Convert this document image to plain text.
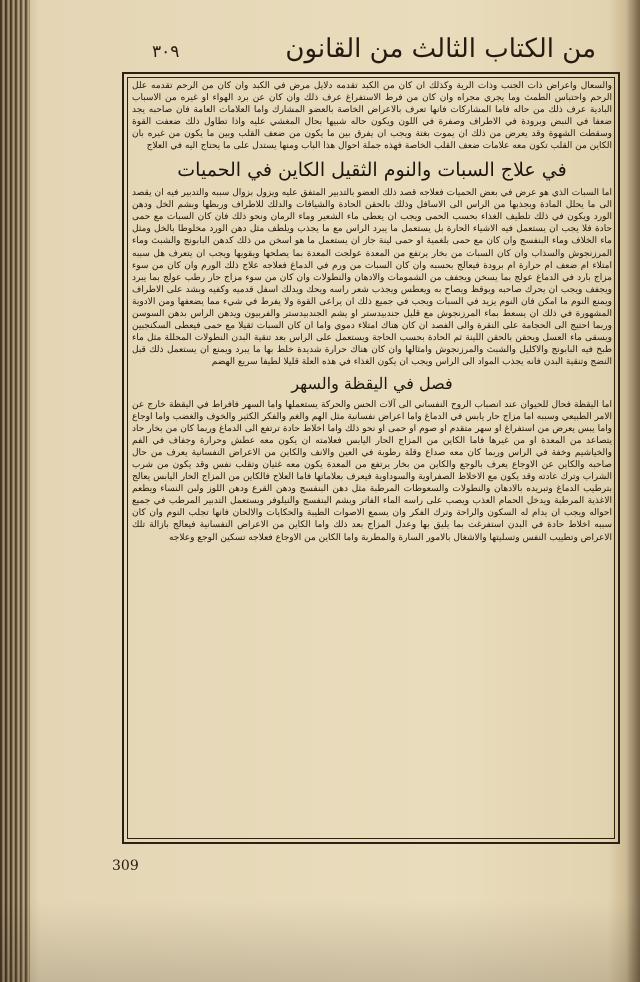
٣٠٩	من الكتاب الثالث من القانون

والسعال واعراض ذات الجنب وذات الرية وكذلك ان كان من الكبد تقدمه دلايل مرض في الكبد وان كان من الرحم تقدمه علل الرحم واحتباس الطمث وما يجري مجراه وان كان من فرط الاستفراغ عرف ذلك وان كان عن برد الهواء او غيره من الاسباب البادية عرف ذلك من حاله فاما المشاركات فانها تعرف بالاعراض الخاصة بالعضو المشارك واما العلامات العامة فان صاحبه يجد ضعفا في النبض وبرودة في الاطراف وصفرة في اللون ويكون حاله شبيها بحال المغشي عليه واذا تطاول ذلك ضعفت القوة وسقطت الشهوة وقد يعرض من ذلك ان يموت بغتة ويجب ان يفرق بين ما يكون من ضعف القلب وبين ما يكون من غيره بان الكاين من القلب تكون معه علامات ضعف القلب الخاصة فهذه جملة احوال هذا الباب ومنها يستدل على ما يحتاج اليه في العلاج

في علاج السبات والنوم الثقيل الكاين في الحميات

اما السبات الذي هو عرض في بعض الحميات فعلاجه قصد ذلك العضو بالتدبير المتفق عليه ويزول بزوال سببه والتدبير فيه ان يقصد الى ما يحلل المادة ويجذبها من الراس الى الاسافل وذلك بالحقن الحادة والشيافات والدلك للاطراف وربطها وبشم الخل ودهن الورد ويكون في ذلك تلطيف الغذاء بحسب الحمى ويجب ان يعطى ماء الشعير وماء الرمان ونحو ذلك فان كان السبات مع حمى حادة فلا يجب ان يستعمل فيه الاشياء الحارة بل يستعمل ما يبرد الراس مع ما يجذب ويلطف مثل دهن الورد مخلوطا بالخل ومثل ماء الخلاف وماء البنفسج وان كان مع حمى بلغمية او حمى لينة جاز ان يستعمل ما هو اسخن من ذلك كدهن البابونج والشبث وماء المرزنجوش والسذاب وان كان السبات من بخار يرتفع من المعدة عولجت المعدة بما يصلحها ويقويها ويجب ان يتعرف هل سببه امتلاء ام ضعف ام حرارة ام برودة فيعالج بحسبه وان كان السبات من ورم في الدماغ فعلاجه علاج ذلك الورم وان كان من سوء مزاج بارد في الدماغ عولج بما يسخن ويجفف من الشمومات والادهان والنطولات وان كان من سوء مزاج حار رطب عولج بما يبرد ويجفف ويجب ان يحرك صاحبه ويوقظ ويصاح به ويعطس ويجذب شعر راسه ويحك ويدلك اسفل قدميه وكفيه ويشد على الاطراف ويمنع النوم ما امكن فان النوم يزيد في السبات ويجب في جميع ذلك ان يراعى القوة ولا يفرط في شيء مما يضعفها ومن الادوية المشهورة في ذلك ان يسعط بماء المرزنجوش مع قليل جندبيدستر او يشم الجندبيدستر والفربيون ويدهن الراس بدهن السوسن وربما احتيج الى الحجامة على النقرة والى الفصد ان كان هناك امتلاء دموي واما ان كان السبات ثقيلا مع حمى فيعطى السكنجبين ويسقى ماء العسل ويحقن بالحقن اللينة ثم الحادة بحسب الحاجة ويستعمل على الراس بعد تنقية البدن النطولات المحللة مثل ماء طبخ فيه البابونج والاكليل والشبث والمرزنجوش وامثالها وان كان هناك حرارة شديدة خلط بها ما يبرد ويمنع ان يستعمل ذلك قبل النضج وتنقية البدن فانه يجذب المواد الى الراس ويجب ان يكون الغذاء في هذه العلة قليلا لطيفا سريع الهضم

فصل في اليقظة والسهر

اما اليقظة فحال للحيوان عند انصباب الروح النفساني الى آلات الحس والحركة يستعملها واما السهر فافراط في اليقظة خارج عن الامر الطبيعي وسببه اما مزاج حار يابس في الدماغ واما اعراض نفسانية مثل الهم والغم والفكر الكثير والخوف والغضب واما اوجاع واما يبس يعرض من استفراغ او سهر متقدم او صوم او حمى او نحو ذلك واما اخلاط حادة ترتفع الى الدماغ وربما كان من بخار حاد يتصاعد من المعدة او من غيرها فاما الكاين من المزاج الحار اليابس فعلامته ان يكون معه عطش وحرارة وجفاف في الفم والخياشيم وخفة في الراس وربما كان معه صداع وقلة رطوبة في العين والانف والكاين من الاعراض النفسانية يعرف من حال صاحبه والكاين عن الاوجاع يعرف بالوجع والكاين من بخار يرتفع من المعدة يكون معه غثيان وتقلب نفس وقد يكون من شرب الشراب وترك عادته وقد يكون مع الاخلاط الصفراوية والسوداوية فيعرف بعلاماتها فاما العلاج فالكاين من المزاج الحار اليابس يعالج بترطيب الدماغ وتبريده بالادهان والنطولات والسعوطات المرطبة مثل دهن البنفسج ودهن القرع ودهن اللوز ولبن النساء ويطعم الاغذية المرطبة ويدخل الحمام العذب ويصب على راسه الماء الفاتر ويشم البنفسج والنيلوفر ويستعمل التدبير المرطب في جميع احواله ويجب ان يدام له السكون والراحة وترك الفكر وان يسمع الاصوات الطيبة والحكايات والالحان فانها تجلب النوم وان كان سببه اخلاط حادة في البدن استفرغت بما يليق بها وعدل المزاج بعد ذلك واما الكاين من الاعراض النفسانية فيعالج بازالة تلك الاعراض وتطييب النفس وتسليتها والاشغال بالامور السارة والمطربة واما الكاين من الاوجاع فعلاجه تسكين الوجع وعلاجه

309
